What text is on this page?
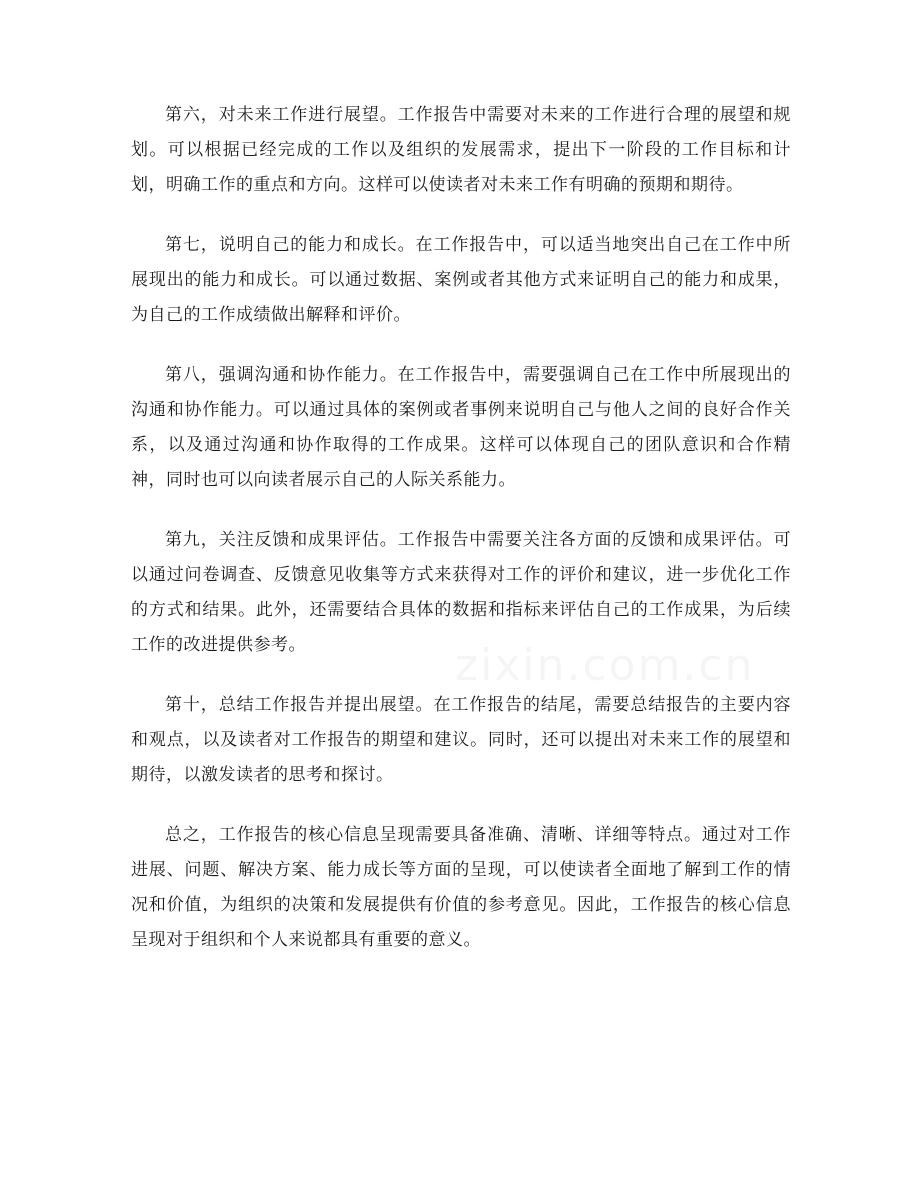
第六，对未来工作进行展望。工作报告中需要对未来的工作进行合理的展望和规划。可以根据已经完成的工作以及组织的发展需求，提出下一阶段的工作目标和计划，明确工作的重点和方向。这样可以使读者对未来工作有明确的预期和期待。

第七，说明自己的能力和成长。在工作报告中，可以适当地突出自己在工作中所展现出的能力和成长。可以通过数据、案例或者其他方式来证明自己的能力和成果，为自己的工作成绩做出解释和评价。

第八，强调沟通和协作能力。在工作报告中，需要强调自己在工作中所展现出的沟通和协作能力。可以通过具体的案例或者事例来说明自己与他人之间的良好合作关系，以及通过沟通和协作取得的工作成果。这样可以体现自己的团队意识和合作精神，同时也可以向读者展示自己的人际关系能力。

第九，关注反馈和成果评估。工作报告中需要关注各方面的反馈和成果评估。可以通过问卷调查、反馈意见收集等方式来获得对工作的评价和建议，进一步优化工作的方式和结果。此外，还需要结合具体的数据和指标来评估自己的工作成果，为后续工作的改进提供参考。

第十，总结工作报告并提出展望。在工作报告的结尾，需要总结报告的主要内容和观点，以及读者对工作报告的期望和建议。同时，还可以提出对未来工作的展望和期待，以激发读者的思考和探讨。

总之，工作报告的核心信息呈现需要具备准确、清晰、详细等特点。通过对工作进展、问题、解决方案、能力成长等方面的呈现，可以使读者全面地了解到工作的情况和价值，为组织的决策和发展提供有价值的参考意见。因此，工作报告的核心信息呈现对于组织和个人来说都具有重要的意义。
